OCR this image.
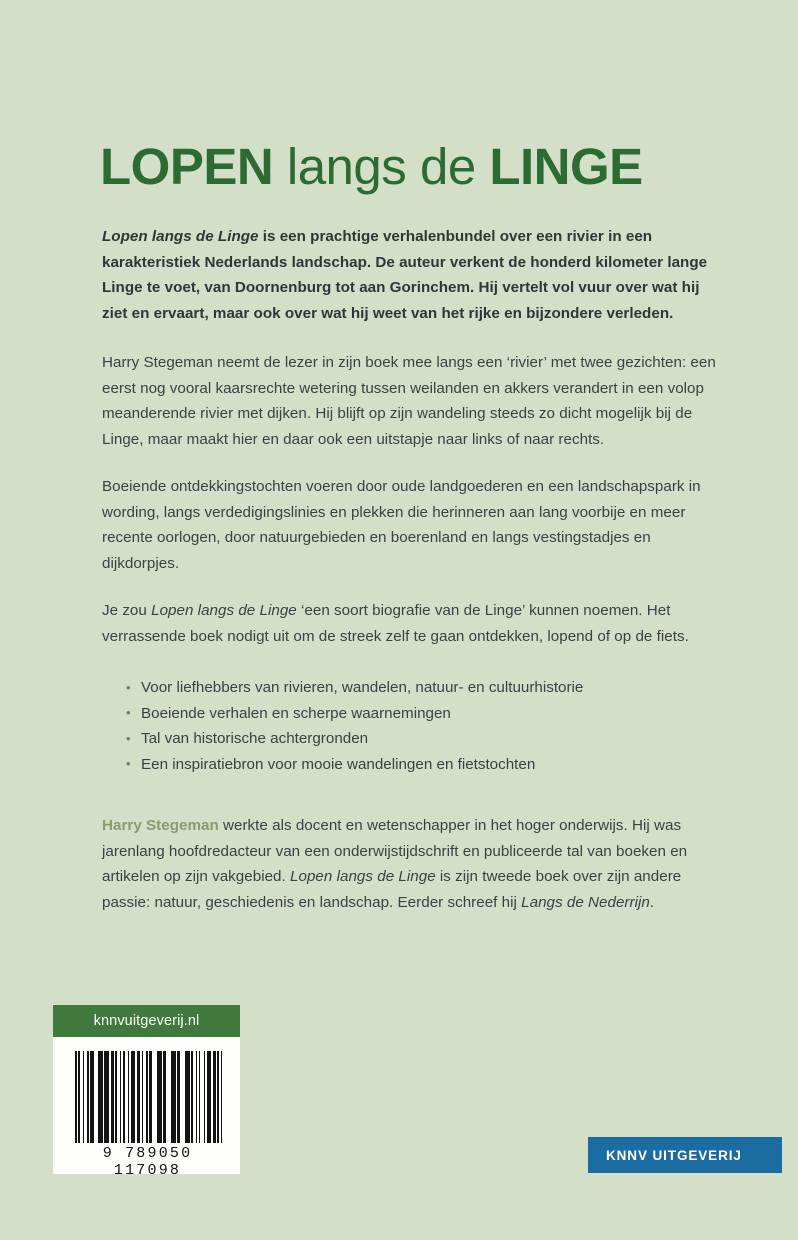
LOPEN langs de LINGE

Lopen langs de Linge is een prachtige verhalenbundel over een rivier in een karakteristiek Nederlands landschap. De auteur verkent de honderd kilometer lange Linge te voet, van Doornenburg tot aan Gorinchem. Hij vertelt vol vuur over wat hij ziet en ervaart, maar ook over wat hij weet van het rijke en bijzondere verleden.

Harry Stegeman neemt de lezer in zijn boek mee langs een ‘rivier’ met twee gezichten: een eerst nog vooral kaarsrechte wetering tussen weilanden en akkers verandert in een volop meanderende rivier met dijken. Hij blijft op zijn wandeling steeds zo dicht mogelijk bij de Linge, maar maakt hier en daar ook een uitstapje naar links of naar rechts.

Boeiende ontdekkingstochten voeren door oude landgoederen en een landschapspark in wording, langs verdedigingslinies en plekken die herinneren aan lang voorbije en meer recente oorlogen, door natuurgebieden en boerenland en langs vestingstadjes en dijkdorpjes.

Je zou Lopen langs de Linge ‘een soort biografie van de Linge’ kunnen noemen. Het verrassende boek nodigt uit om de streek zelf te gaan ontdekken, lopend of op de fiets.

• Voor liefhebbers van rivieren, wandelen, natuur- en cultuurhistorie
• Boeiende verhalen en scherpe waarnemingen
• Tal van historische achtergronden
• Een inspiratiebron voor mooie wandelingen en fietstochten

Harry Stegeman werkte als docent en wetenschapper in het hoger onderwijs. Hij was jarenlang hoofdredacteur van een onderwijstijdschrift en publiceerde tal van boeken en artikelen op zijn vakgebied. Lopen langs de Linge is zijn tweede boek over zijn andere passie: natuur, geschiedenis en landschap. Eerder schreef hij Langs de Nederrijn.

knnvuitgeverij.nl
9 789050 117098
KNNV UITGEVERIJ
